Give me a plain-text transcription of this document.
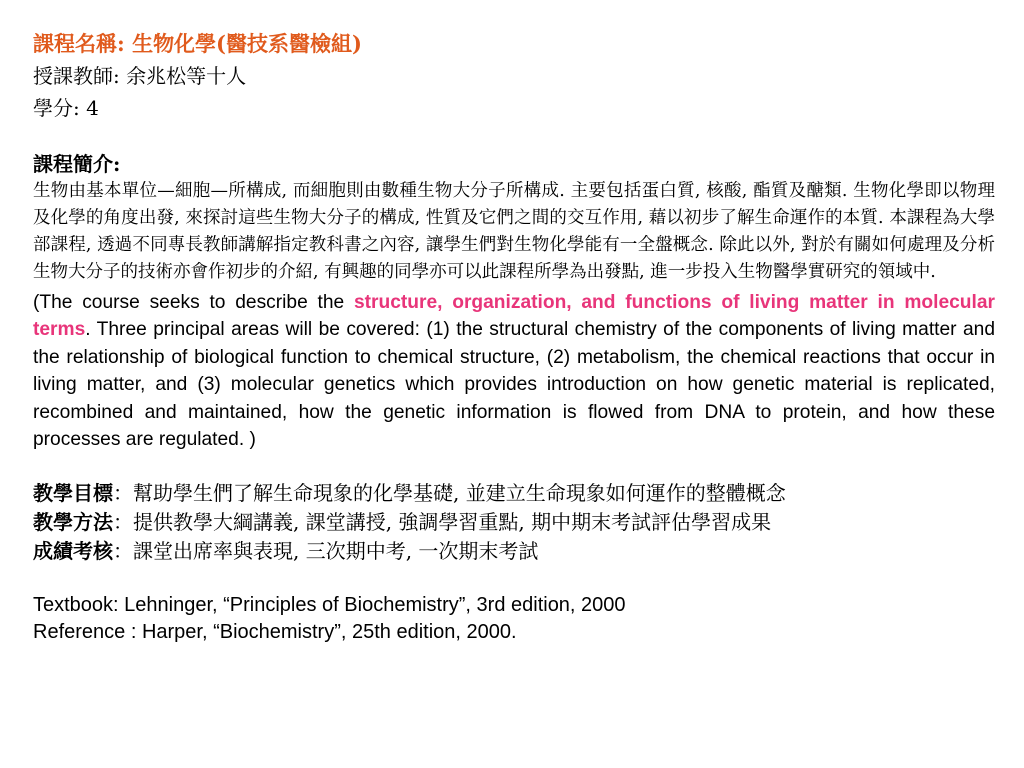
課程名稱: 生物化學(醫技系醫檢組)
授課教師: 余兆松等十人
學分: 4
課程簡介:
生物由基本單位—細胞—所構成, 而細胞則由數種生物大分子所構成. 主要包括蛋白質, 核酸, 酯質及醣類. 生物化學即以物理及化學的角度出發, 來探討這些生物大分子的構成, 性質及它們之間的交互作用, 藉以初步了解生命運作的本質. 本課程為大學部課程, 透過不同專長教師講解指定教科書之內容, 讓學生們對生物化學能有一全盤概念. 除此以外, 對於有關如何處理及分析生物大分子的技術亦會作初步的介紹, 有興趣的同學亦可以此課程所學為出發點, 進一步投入生物醫學實研究的領域中.
(The course seeks to describe the structure, organization, and functions of living matter in molecular terms. Three principal areas will be covered: (1) the structural chemistry of the components of living matter and the relationship of biological function to chemical structure, (2) metabolism, the chemical reactions that occur in living matter, and (3) molecular genetics which provides introduction on how genetic material is replicated, recombined and maintained, how the genetic information is flowed from DNA to protein, and how these processes are regulated. )
教學目標：幫助學生們了解生命現象的化學基礎, 並建立生命現象如何運作的整體概念
教學方法：提供教學大綱講義, 課堂講授, 強調學習重點, 期中期末考試評估學習成果
成績考核：課堂出席率與表現, 三次期中考, 一次期末考試
Textbook: Lehninger, “Principles of Biochemistry”, 3rd edition, 2000
Reference : Harper, “Biochemistry”, 25th edition, 2000.
